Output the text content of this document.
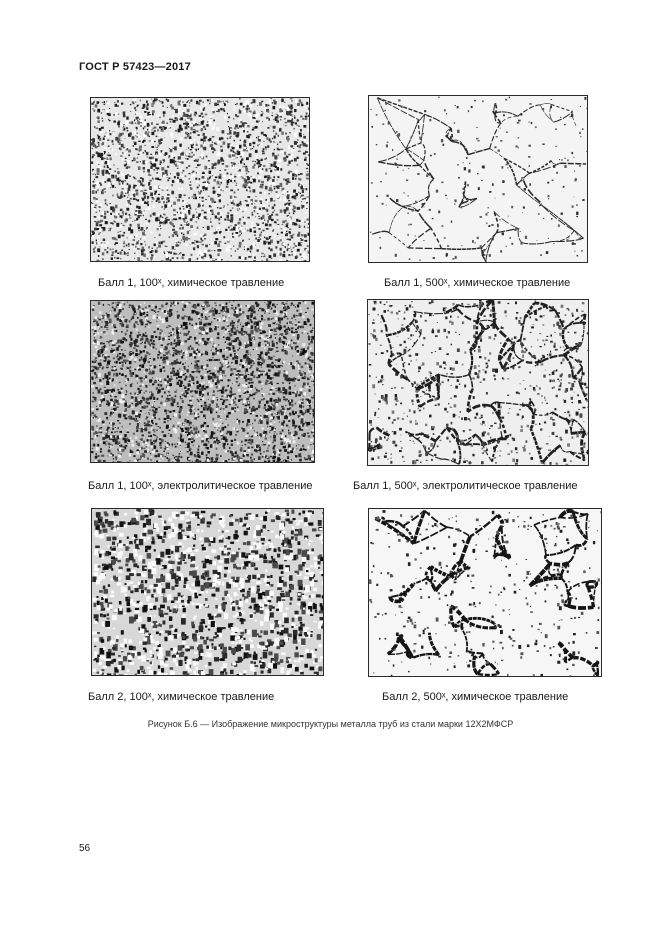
ГОСТ Р 57423—2017
Балл 1, 100ˣ, химическое травление	Балл 1, 500ˣ, химическое травление
Балл 1, 100ˣ, электролитическое травление	Балл 1, 500ˣ, электролитическое травление
Балл 2, 100ˣ, химическое травление	Балл 2, 500ˣ, химическое травление
Рисунок Б.6 — Изображение микроструктуры металла труб из стали марки 12Х2МФСР
56
